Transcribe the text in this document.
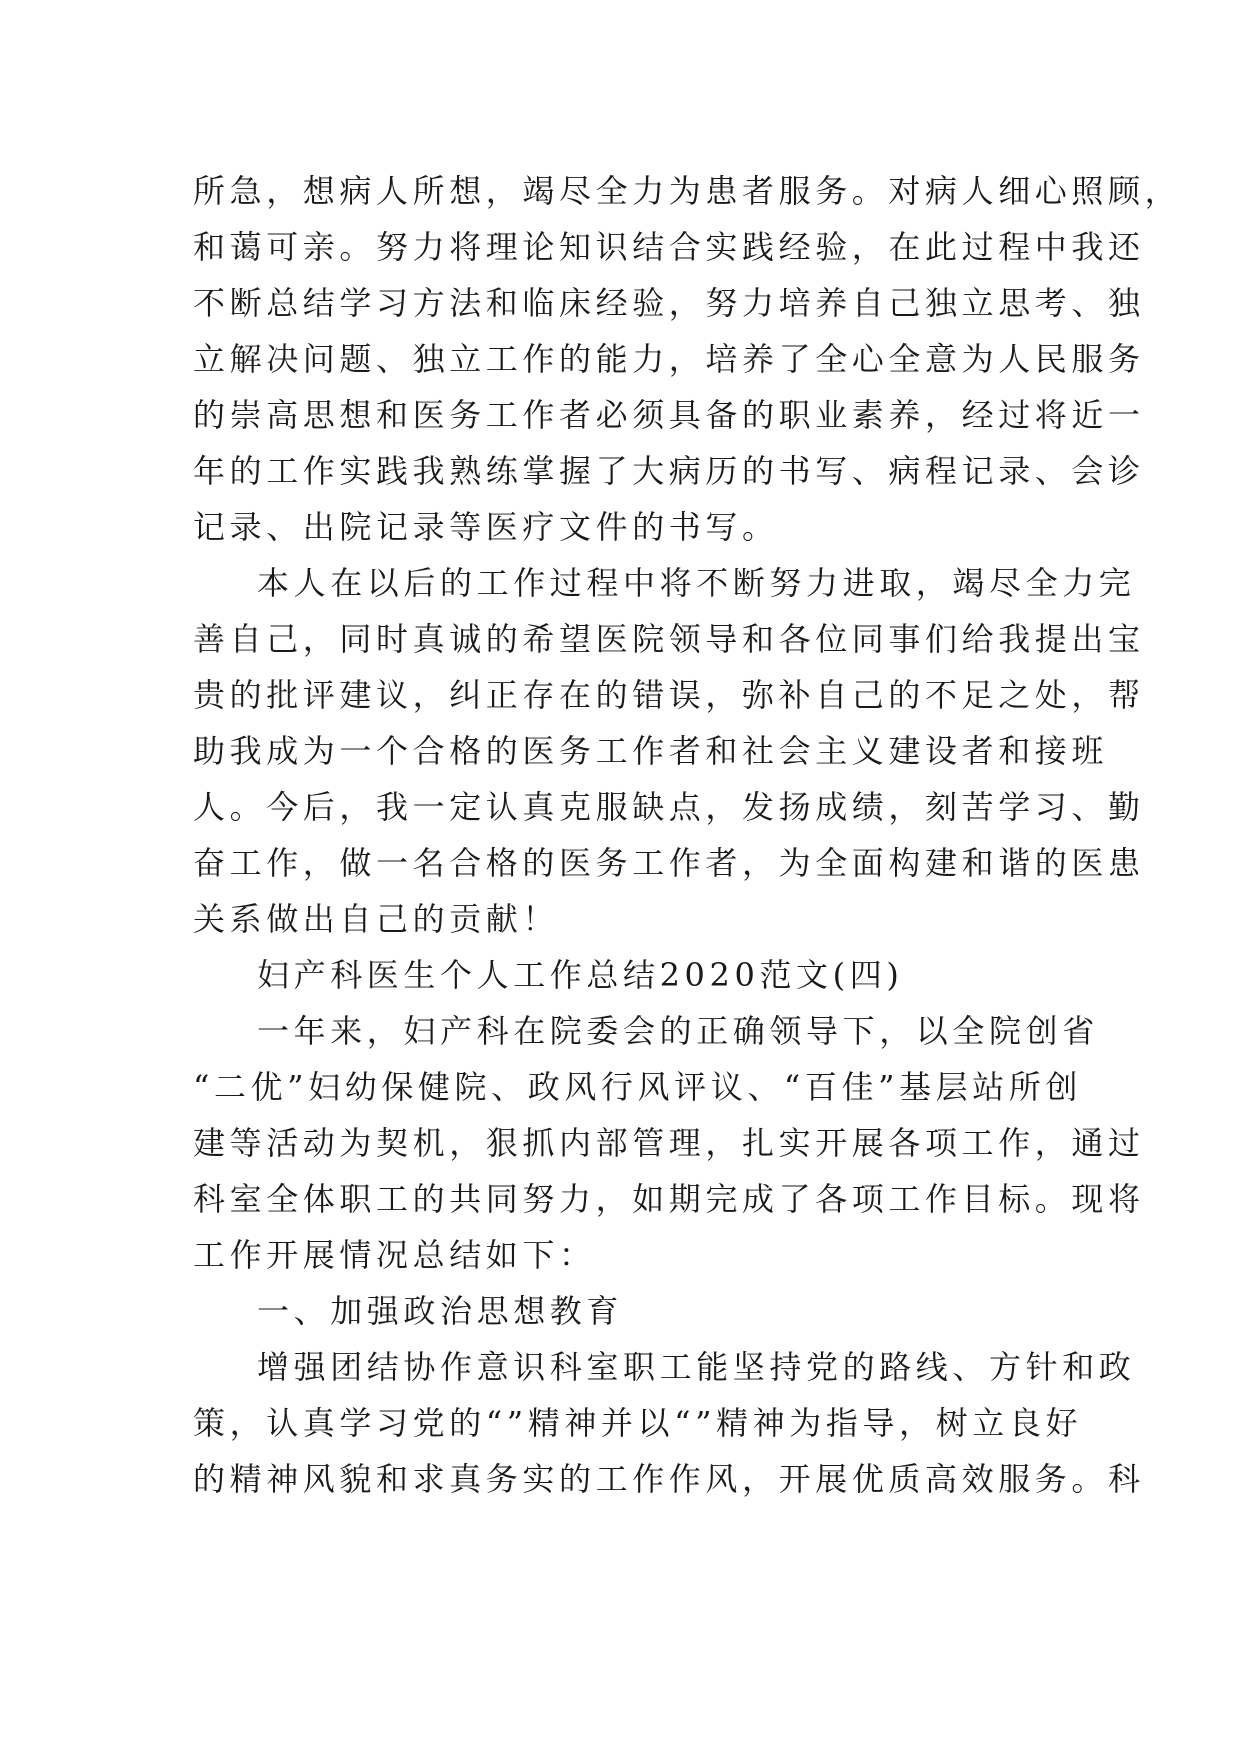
所急，想病人所想，竭尽全力为患者服务。对病人细心照顾，
和蔼可亲。努力将理论知识结合实践经验，在此过程中我还
不断总结学习方法和临床经验，努力培养自己独立思考、独
立解决问题、独立工作的能力，培养了全心全意为人民服务
的崇高思想和医务工作者必须具备的职业素养，经过将近一
年的工作实践我熟练掌握了大病历的书写、病程记录、会诊
记录、出院记录等医疗文件的书写。
本人在以后的工作过程中将不断努力进取，竭尽全力完
善自己，同时真诚的希望医院领导和各位同事们给我提出宝
贵的批评建议，纠正存在的错误，弥补自己的不足之处，帮
助我成为一个合格的医务工作者和社会主义建设者和接班
人。今后，我一定认真克服缺点，发扬成绩，刻苦学习、勤
奋工作，做一名合格的医务工作者，为全面构建和谐的医患
关系做出自己的贡献！
妇产科医生个人工作总结2020范文(四)
一年来，妇产科在院委会的正确领导下，以全院创省
“二优”妇幼保健院、政风行风评议、“百佳”基层站所创
建等活动为契机，狠抓内部管理，扎实开展各项工作，通过
科室全体职工的共同努力，如期完成了各项工作目标。现将
工作开展情况总结如下：
一、加强政治思想教育
增强团结协作意识科室职工能坚持党的路线、方针和政
策，认真学习党的“”精神并以“”精神为指导，树立良好
的精神风貌和求真务实的工作作风，开展优质高效服务。科
